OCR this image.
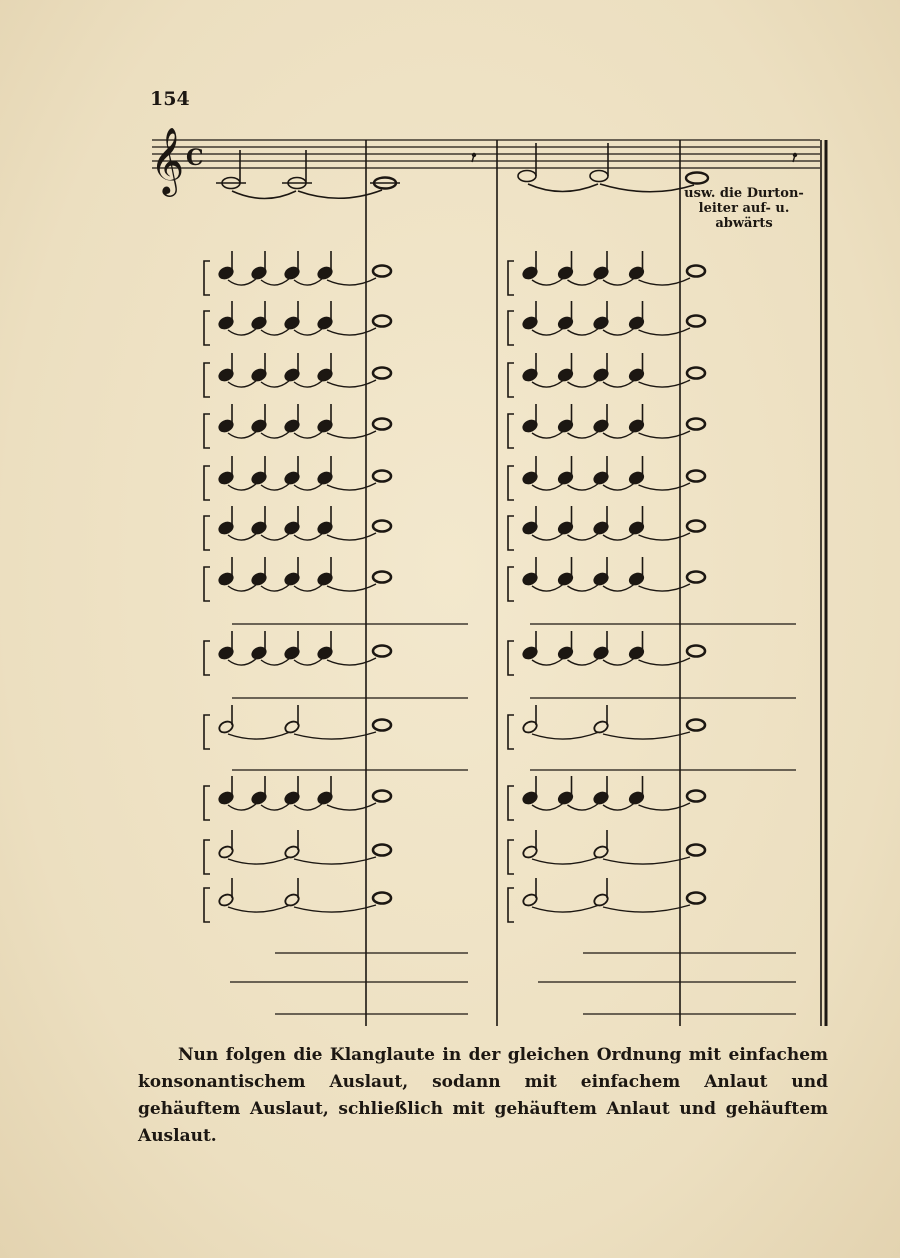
154
𝄞 C
usw. die Durton- leiter auf- u. abwärts
Nun folgen die Klanglaute in der gleichen Ordnung mit einfachem konsonantischem Auslaut, sodann mit einfachem Anlaut und gehäuftem Auslaut, schließlich mit gehäuftem Anlaut und gehäuftem Auslaut.
